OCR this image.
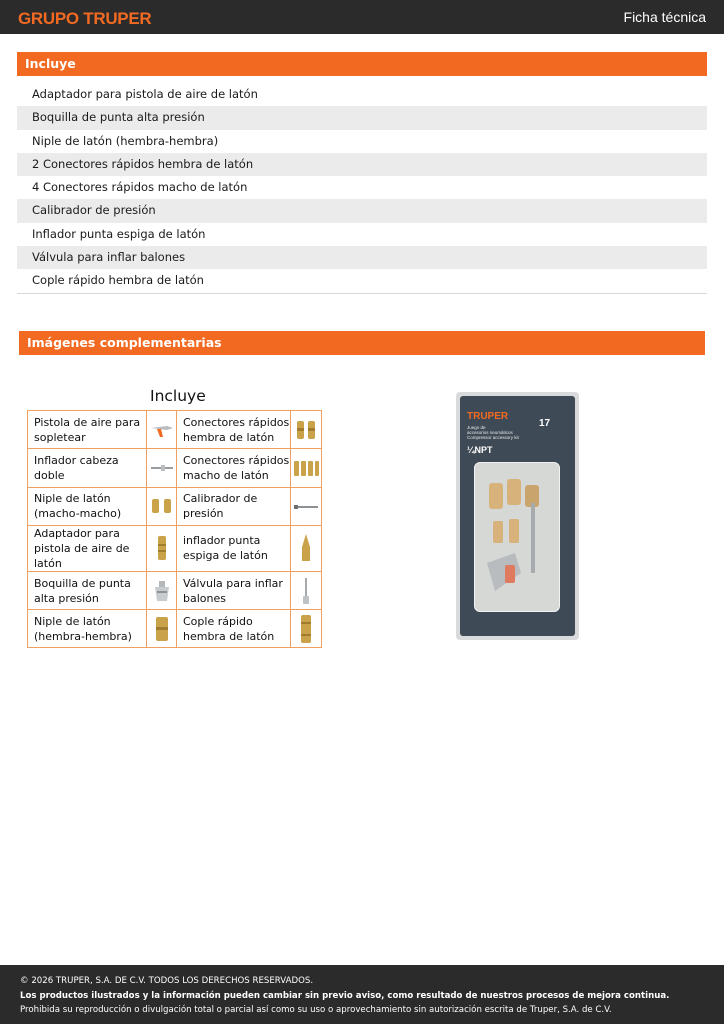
GRUPO TRUPER	Ficha técnica
Incluye
Adaptador para pistola de aire de latón
Boquilla de punta alta presión
Niple de latón (hembra-hembra)
2 Conectores rápidos hembra de latón
4 Conectores rápidos macho de latón
Calibrador de presión
Inflador punta espiga de latón
Válvula para inflar balones
Cople rápido hembra de latón
Imágenes complementarias
Incluye
Pistola de aire para sopletear		Conectores rápidos hembra de latón	
Inflador cabeza doble		Conectores rápidos macho de latón	
Niple de latón (macho-macho)		Calibrador de presión	
Adaptador para pistola de aire de latón		inflador punta espiga de latón	
Boquilla de punta alta presión		Válvula para inflar balones	
Niple de latón (hembra-hembra)		Cople rápido hembra de latón	
TRUPER
Juego de
accesorios neumáticos
Compressor accessory kit
17
¼NPT

© 2026 TRUPER, S.A. DE C.V. TODOS LOS DERECHOS RESERVADOS.

Los productos ilustrados y la información pueden cambiar sin previo aviso, como resultado de nuestros procesos de mejora continua.

Prohibida su reproducción o divulgación total o parcial así como su uso o aprovechamiento sin autorización escrita de Truper, S.A. de C.V.
